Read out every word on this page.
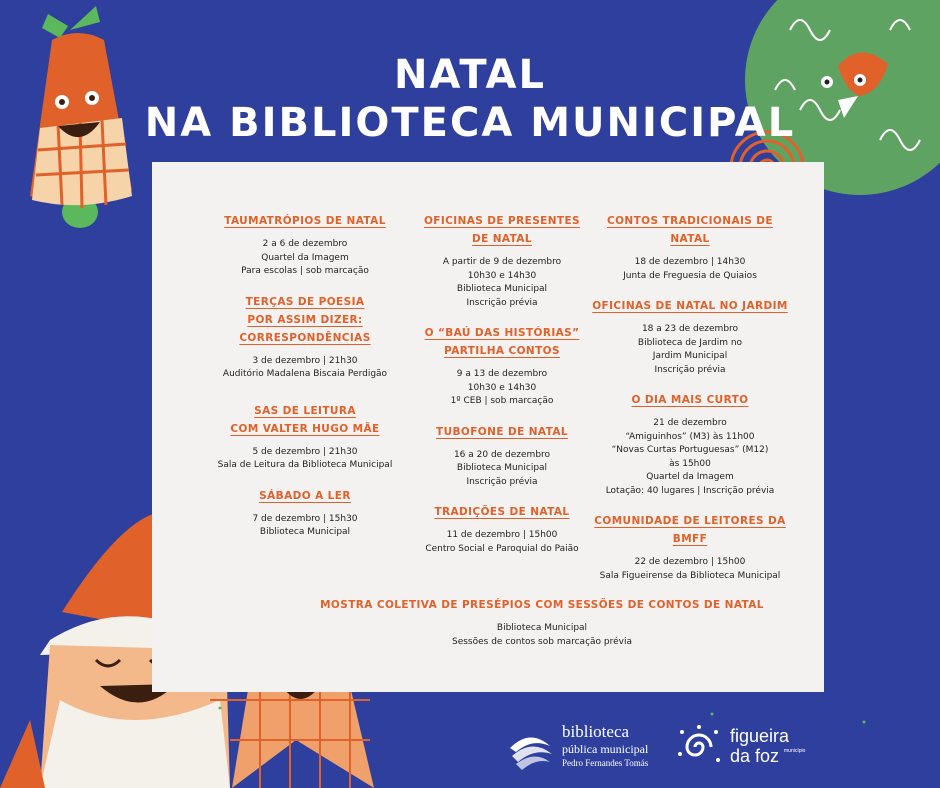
NATAL
NA BIBLIOTECA MUNICIPAL
TAUMATRÓPIOS DE NATAL
2 a 6 de dezembro
Quartel da Imagem
Para escolas | sob marcação
TERÇAS DE POESIA
POR ASSIM DIZER: CORRESPONDÊNCIAS
3 de dezembro | 21h30
Auditório Madalena Biscaia Perdigão
SAS DE LEITURA
COM VALTER HUGO MÃE
5 de dezembro | 21h30
Sala de Leitura da Biblioteca Municipal
SÁBADO A LER
7 de dezembro | 15h30
Biblioteca Municipal
OFICINAS DE PRESENTES
DE NATAL
A partir de 9 de dezembro
10h30 e 14h30
Biblioteca Municipal
Inscrição prévia
O “BAÚ DAS HISTÓRIAS”
PARTILHA CONTOS
9 a 13 de dezembro
10h30 e 14h30
1º CEB | sob marcação
TUBOFONE DE NATAL
16 a 20 de dezembro
Biblioteca Municipal
Inscrição prévia
TRADIÇÕES DE NATAL
11 de dezembro | 15h00
Centro Social e Paroquial do Paião
CONTOS TRADICIONAIS DE NATAL
18 de dezembro | 14h30
Junta de Freguesia de Quiaios
OFICINAS DE NATAL NO JARDIM
18 a 23 de dezembro
Biblioteca de Jardim no
Jardim Municipal
Inscrição prévia
O DIA MAIS CURTO
21 de dezembro
“Amiguinhos” (M3) às 11h00
“Novas Curtas Portuguesas” (M12)
às 15h00
Quartel da Imagem
Lotação: 40 lugares | Inscrição prévia
COMUNIDADE DE LEITORES DA BMFF
22 de dezembro | 15h00
Sala Figueirense da Biblioteca Municipal
MOSTRA COLETIVA DE PRESÉPIOS COM SESSÕES DE CONTOS DE NATAL
Biblioteca Municipal
Sessões de contos sob marcação prévia
biblioteca
pública municipal
Pedro Fernandes Tomás
figueira
da foz município
